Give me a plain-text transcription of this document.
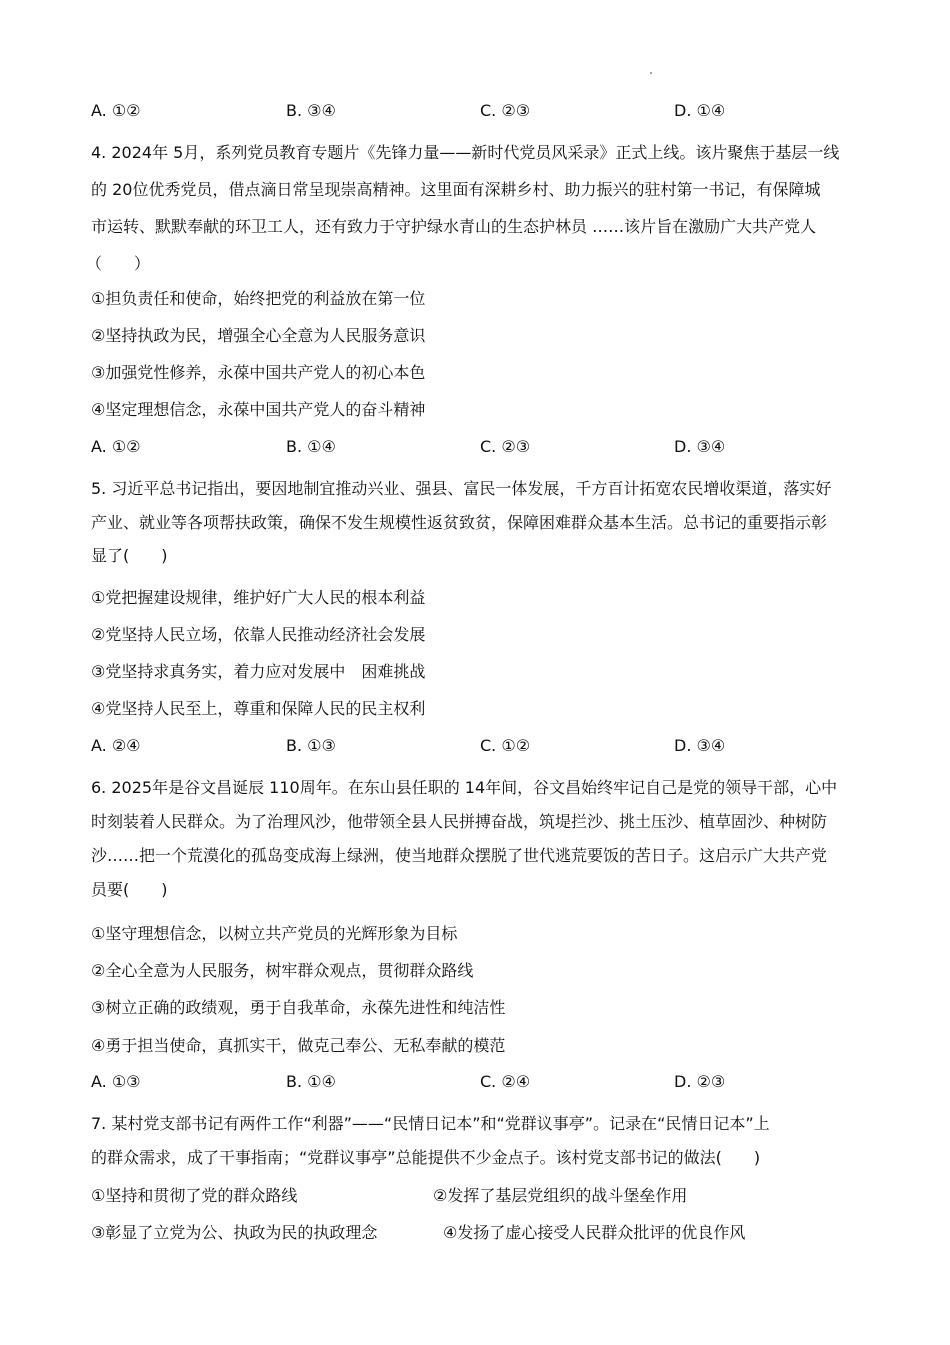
A. ①②	B. ③④	C. ②③	D. ①④
4. 2024年 5月，系列党员教育专题片《先锋力量——新时代党员风采录》正式上线。该片聚焦于基层一线
的 20位优秀党员，借点滴日常呈现崇高精神。这里面有深耕乡村、助力振兴的驻村第一书记，有保障城
市运转、默默奉献的环卫工人，还有致力于守护绿水青山的生态护林员 ……该片旨在激励广大共产党人
（　　）
①担负责任和使命，始终把党的利益放在第一位
②坚持执政为民，增强全心全意为人民服务意识
③加强党性修养，永葆中国共产党人的初心本色
④坚定理想信念，永葆中国共产党人的奋斗精神
A. ①②	B. ①④	C. ②③	D. ③④
5. 习近平总书记指出，要因地制宜推动兴业、强县、富民一体发展，千方百计拓宽农民增收渠道，落实好
产业、就业等各项帮扶政策，确保不发生规模性返贫致贫，保障困难群众基本生活。总书记的重要指示彰
显了(　　)
①党把握建设规律，维护好广大人民的根本利益
②党坚持人民立场，依靠人民推动经济社会发展
③党坚持求真务实，着力应对发展中　困难挑战
④党坚持人民至上，尊重和保障人民的民主权利
A. ②④	B. ①③	C. ①②	D. ③④
6. 2025年是谷文昌诞辰 110周年。在东山县任职的 14年间，谷文昌始终牢记自己是党的领导干部，心中
时刻装着人民群众。为了治理风沙，他带领全县人民拼搏奋战，筑堤拦沙、挑土压沙、植草固沙、种树防
沙……把一个荒漠化的孤岛变成海上绿洲，使当地群众摆脱了世代逃荒要饭的苦日子。这启示广大共产党
员要(　　)
①坚守理想信念，以树立共产党员的光辉形象为目标
②全心全意为人民服务，树牢群众观点，贯彻群众路线
③树立正确的政绩观，勇于自我革命，永葆先进性和纯洁性
④勇于担当使命，真抓实干，做克己奉公、无私奉献的模范
A. ①③	B. ①④	C. ②④	D. ②③
7. 某村党支部书记有两件工作“利器”——“民情日记本”和“党群议事亭”。记录在“民情日记本”上
的群众需求，成了干事指南；“党群议事亭”总能提供不少金点子。该村党支部书记的做法(　　)
①坚持和贯彻了党的群众路线	②发挥了基层党组织的战斗堡垒作用
③彰显了立党为公、执政为民的执政理念	④发扬了虚心接受人民群众批评的优良作风
